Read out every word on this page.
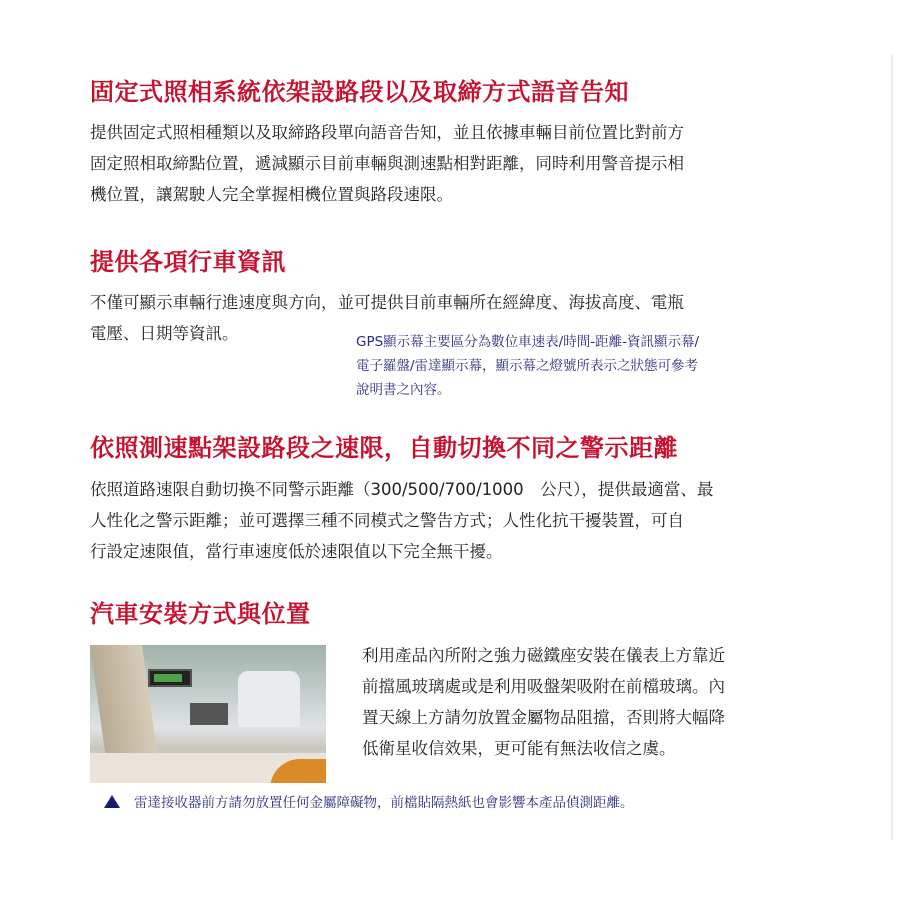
固定式照相系統依架設路段以及取締方式語音告知
提供固定式照相種類以及取締路段單向語音告知，並且依據車輛目前位置比對前方
固定照相取締點位置，遞減顯示目前車輛與測速點相對距離，同時利用警音提示相
機位置，讓駕駛人完全掌握相機位置與路段速限。
提供各項行車資訊
不僅可顯示車輛行進速度與方向，並可提供目前車輛所在經緯度、海拔高度、電瓶
電壓、日期等資訊。	GPS顯示幕主要區分為數位車速表/時間-距離-資訊顯示幕/
電子羅盤/雷達顯示幕，顯示幕之燈號所表示之狀態可參考
說明書之內容。
依照測速點架設路段之速限，自動切換不同之警示距離
依照道路速限自動切換不同警示距離（300/500/700/1000　公尺），提供最適當、最
人性化之警示距離；並可選擇三種不同模式之警告方式；人性化抗干擾裝置，可自
行設定速限值，當行車速度低於速限值以下完全無干擾。
汽車安裝方式與位置
利用產品內所附之強力磁鐵座安裝在儀表上方靠近
前擋風玻璃處或是利用吸盤架吸附在前檔玻璃。內
置天線上方請勿放置金屬物品阻擋，否則將大幅降
低衛星收信效果，更可能有無法收信之虞。
雷達接收器前方請勿放置任何金屬障礙物，前檔貼隔熱紙也會影響本產品偵測距離。
